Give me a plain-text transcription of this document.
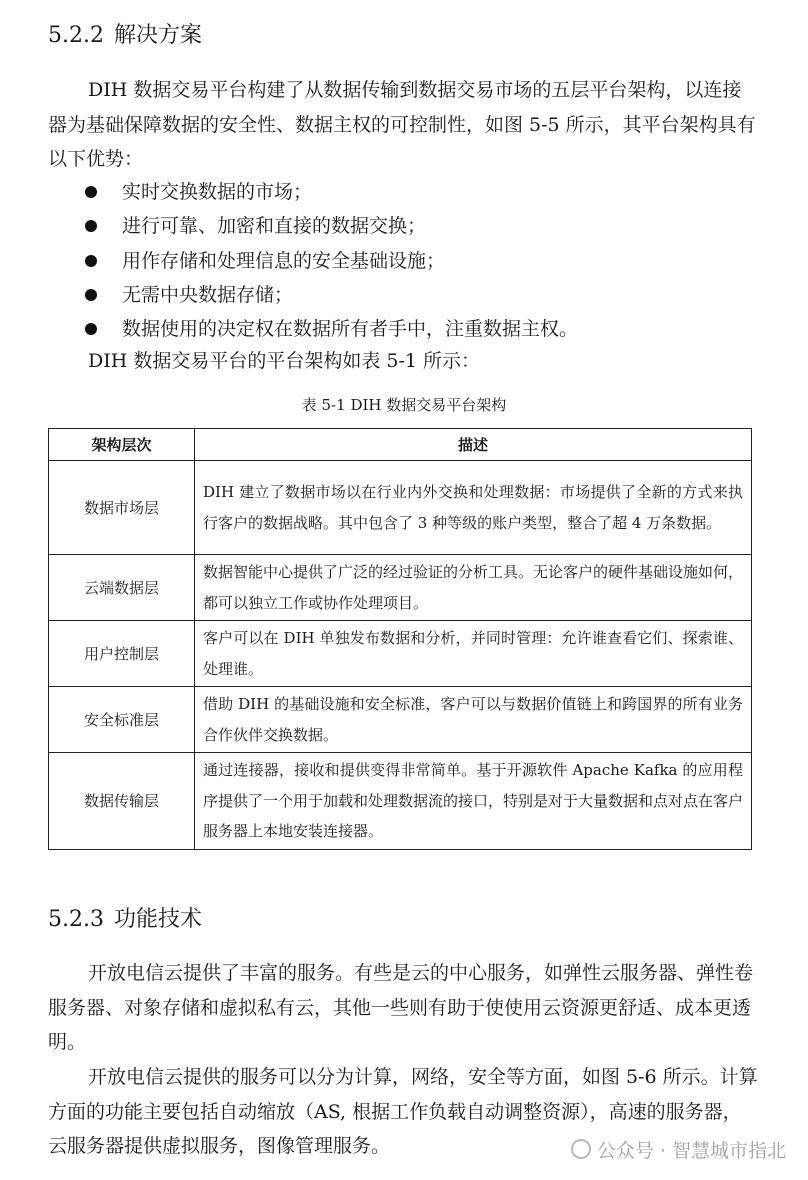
5.2.2 解决方案
DIH 数据交易平台构建了从数据传输到数据交易市场的五层平台架构，以连接器为基础保障数据的安全性、数据主权的可控制性，如图 5-5 所示，其平台架构具有以下优势：
实时交换数据的市场；
进行可靠、加密和直接的数据交换；
用作存储和处理信息的安全基础设施；
无需中央数据存储；
数据使用的决定权在数据所有者手中，注重数据主权。
DIH 数据交易平台的平台架构如表 5-1 所示：
表 5-1 DIH 数据交易平台架构
架构层次	描述
数据市场层	DIH 建立了数据市场以在行业内外交换和处理数据：市场提供了全新的方式来执行客户的数据战略。其中包含了 3 种等级的账户类型，整合了超 4 万条数据。
云端数据层	数据智能中心提供了广泛的经过验证的分析工具。无论客户的硬件基础设施如何，都可以独立工作或协作处理项目。
用户控制层	客户可以在 DIH 单独发布数据和分析，并同时管理：允许谁查看它们、探索谁、处理谁。
安全标准层	借助 DIH 的基础设施和安全标准，客户可以与数据价值链上和跨国界的所有业务合作伙伴交换数据。
数据传输层	通过连接器，接收和提供变得非常简单。基于开源软件 Apache Kafka 的应用程序提供了一个用于加载和处理数据流的接口，特别是对于大量数据和点对点在客户服务器上本地安装连接器。
5.2.3 功能技术
开放电信云提供了丰富的服务。有些是云的中心服务，如弹性云服务器、弹性卷服务器、对象存储和虚拟私有云，其他一些则有助于使使用云资源更舒适、成本更透明。
开放电信云提供的服务可以分为计算，网络，安全等方面，如图 5-6 所示。计算方面的功能主要包括自动缩放（AS, 根据工作负载自动调整资源），高速的服务器，云服务器提供虚拟服务，图像管理服务。	公众号 · 智慧城市指北
